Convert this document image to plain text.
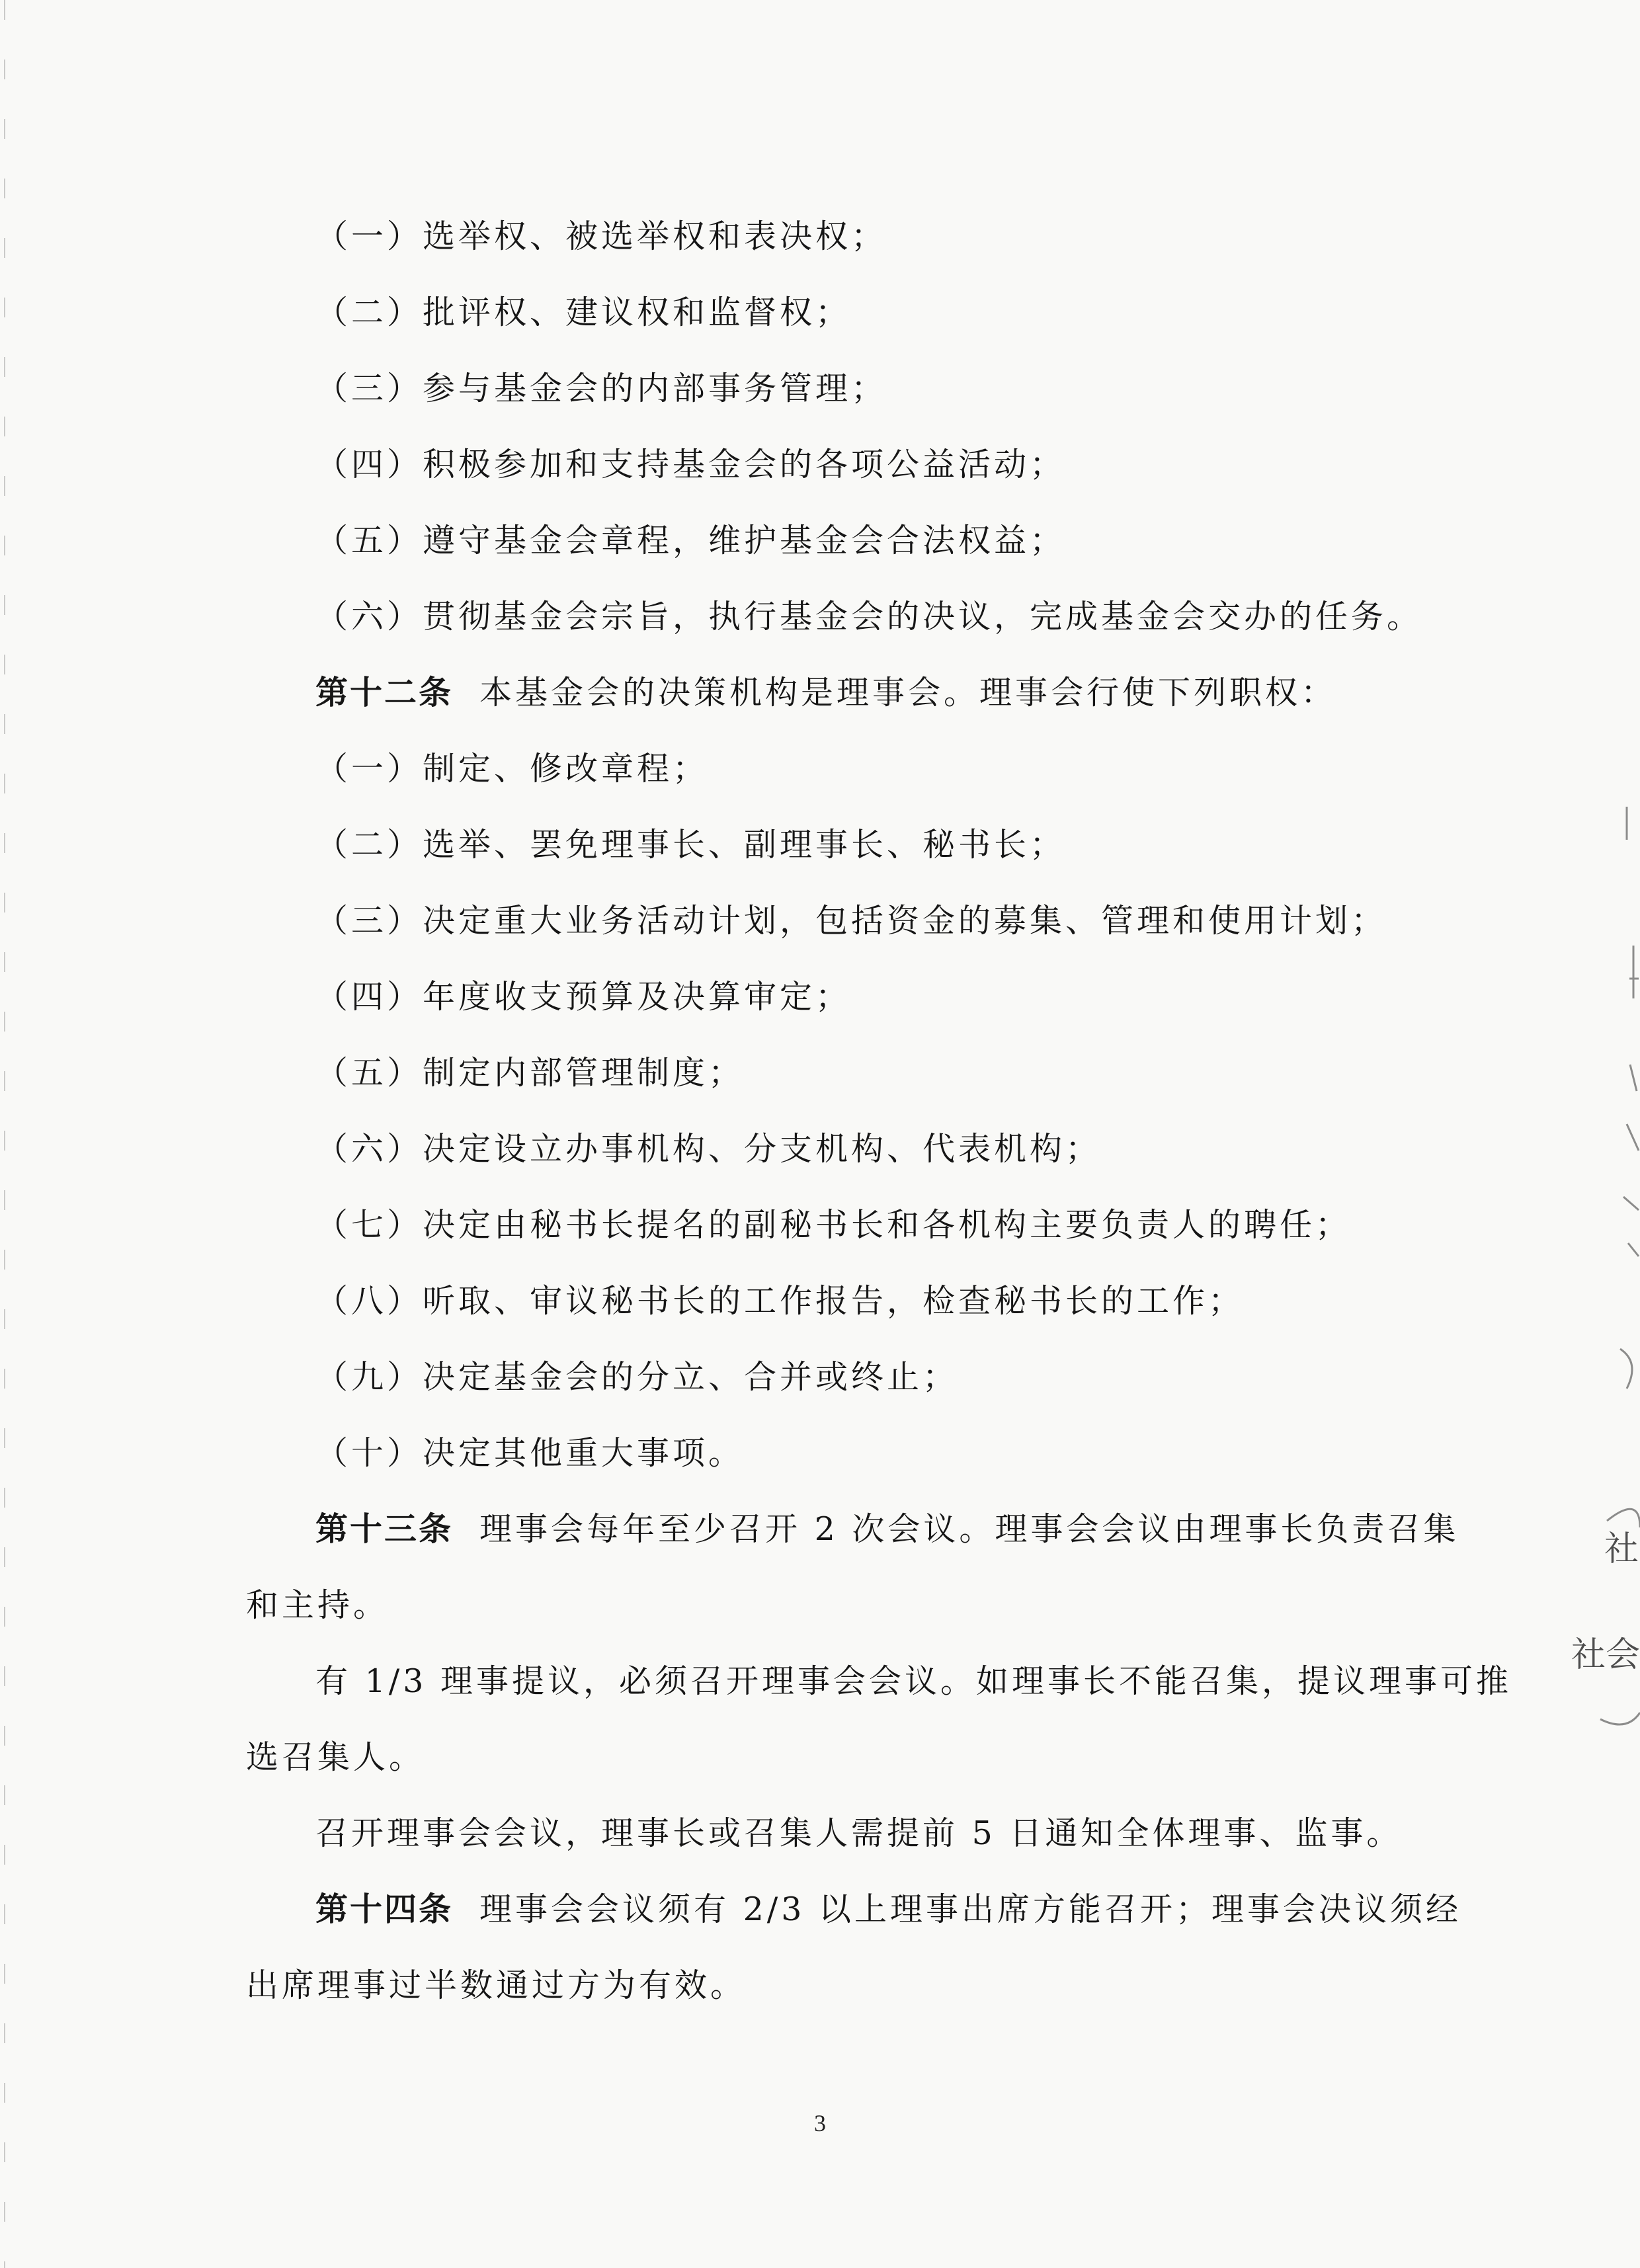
（一）选举权、被选举权和表决权；
（二）批评权、建议权和监督权；
（三）参与基金会的内部事务管理；
（四）积极参加和支持基金会的各项公益活动；
（五）遵守基金会章程，维护基金会合法权益；
（六）贯彻基金会宗旨，执行基金会的决议，完成基金会交办的任务。
第十二条 本基金会的决策机构是理事会。理事会行使下列职权：
（一）制定、修改章程；
（二）选举、罢免理事长、副理事长、秘书长；
（三）决定重大业务活动计划，包括资金的募集、管理和使用计划；
（四）年度收支预算及决算审定；
（五）制定内部管理制度；
（六）决定设立办事机构、分支机构、代表机构；
（七）决定由秘书长提名的副秘书长和各机构主要负责人的聘任；
（八）听取、审议秘书长的工作报告，检查秘书长的工作；
（九）决定基金会的分立、合并或终止；
（十）决定其他重大事项。
第十三条 理事会每年至少召开 2 次会议。理事会会议由理事长负责召集
和主持。
有 1/3 理事提议，必须召开理事会会议。如理事长不能召集，提议理事可推
选召集人。
召开理事会会议，理事长或召集人需提前 5 日通知全体理事、监事。
第十四条 理事会会议须有 2/3 以上理事出席方能召开；理事会决议须经
出席理事过半数通过方为有效。
3
社
社会
